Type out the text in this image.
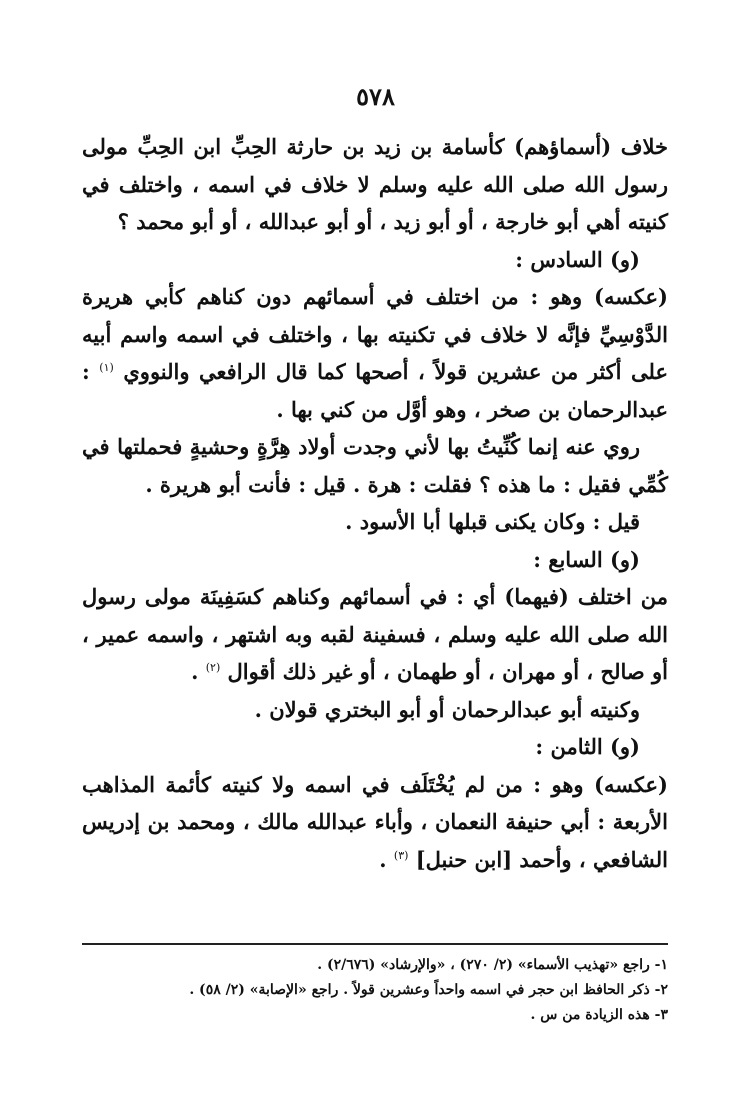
٥٧٨

خلاف (أسماؤهم) كأسامة بن زيد بن حارثة الحِبِّ ابن الحِبِّ مولى رسول الله صلى الله عليه وسلم لا خلاف في اسمه ، واختلف في كنيته أهي أبو خارجة ، أو أبو زيد ، أو أبو عبدالله ، أو أبو محمد ؟

(و) السادس :

(عكسه) وهو : من اختلف في أسمائهم دون كناهم كأبي هريرة الدَّوْسِيِّ فإنَّه لا خلاف في تكنيته بها ، واختلف في اسمه واسم أبيه على أكثر من عشرين قولاً ، أصحها كما قال الرافعي والنووي $^{(١)}$ : عبدالرحمان بن صخر ، وهو أوَّل من كني بها .

روي عنه إنما كُنِّيتُ بها لأني وجدت أولاد هِرَّةٍ وحشيةٍ فحملتها في كُمِّي فقيل : ما هذه ؟ فقلت : هرة . قيل : فأنت أبو هريرة .

قيل : وكان يكنى قبلها أبا الأسود .

(و) السابع :

من اختلف (فيهما) أي : في أسمائهم وكناهم كسَفِينَة مولى رسول الله صلى الله عليه وسلم ، فسفينة لقبه وبه اشتهر ، واسمه عمير ، أو صالح ، أو مهران ، أو طهمان ، أو غير ذلك أقوال $^{(٢)}$ .

وكنيته أبو عبدالرحمان أو أبو البختري قولان .

(و) الثامن :

(عكسه) وهو : من لم يُخْتَلَف في اسمه ولا كنيته كأئمة المذاهب الأربعة : أبي حنيفة النعمان ، وأباء عبدالله مالك ، ومحمد بن إدريس الشافعي ، وأحمد [ابن حنبل] $^{(٣)}$ .

١- راجع «تهذيب الأسماء» (٢/ ٢٧٠) ، «والإرشاد» (٢/٦٧٦) .

٢- ذكر الحافظ ابن حجر في اسمه واحداً وعشرين قولاً . راجع «الإصابة» (٢/ ٥٨) .

٣- هذه الزيادة من س .
